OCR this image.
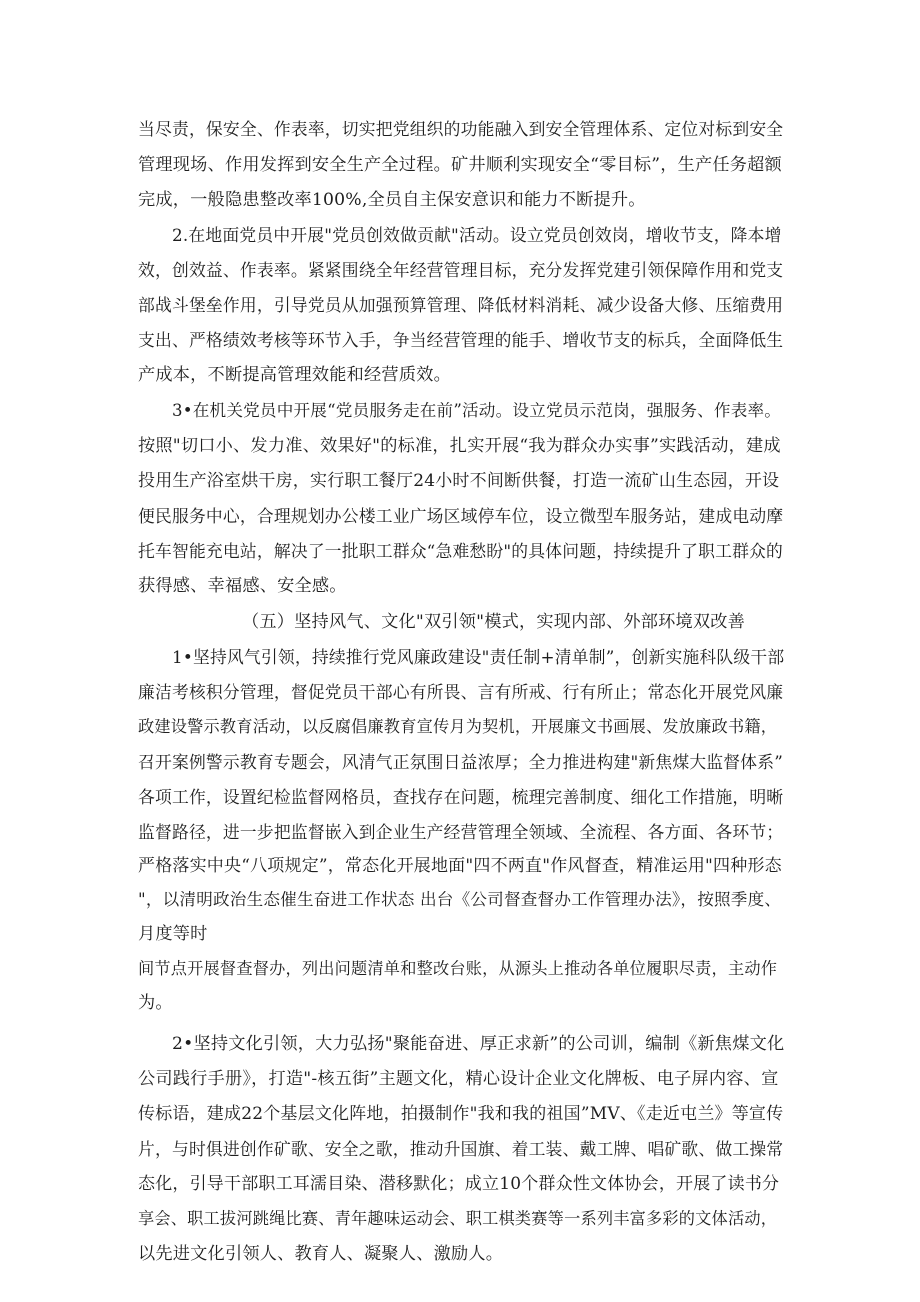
当尽责，保安全、作表率，切实把党组织的功能融入到安全管理体系、定位对标到安全
管理现场、作用发挥到安全生产全过程。矿井顺利实现安全“零目标”，生产任务超额
完成，一般隐患整改率100%,全员自主保安意识和能力不断提升。
2.在地面党员中开展"党员创效做贡献"活动。设立党员创效岗，增收节支，降本增
效，创效益、作表率。紧紧围绕全年经营管理目标，充分发挥党建引领保障作用和党支
部战斗堡垒作用，引导党员从加强预算管理、降低材料消耗、减少设备大修、压缩费用
支出、严格绩效考核等环节入手，争当经营管理的能手、增收节支的标兵，全面降低生
产成本，不断提高管理效能和经营质效。
3•在机关党员中开展“党员服务走在前”活动。设立党员示范岗，强服务、作表率。
按照"切口小、发力准、效果好"的标准，扎实开展“我为群众办实事”实践活动，建成
投用生产浴室烘干房，实行职工餐厅24小时不间断供餐，打造一流矿山生态园，开设
便民服务中心，合理规划办公楼工业广场区域停车位，设立微型车服务站，建成电动摩
托车智能充电站，解决了一批职工群众“急难愁盼"的具体问题，持续提升了职工群众的
获得感、幸福感、安全感。
（五）坚持风气、文化"双引领"模式，实现内部、外部环境双改善
1•坚持风气引领，持续推行党风廉政建设"责任制+清单制”，创新实施科队级干部
廉洁考核积分管理，督促党员干部心有所畏、言有所戒、行有所止；常态化开展党风廉
政建设警示教育活动，以反腐倡廉教育宣传月为契机，开展廉文书画展、发放廉政书籍，
召开案例警示教育专题会，风清气正氛围日益浓厚；全力推进构建"新焦煤大监督体系”
各项工作，设置纪检监督网格员，查找存在问题，梳理完善制度、细化工作措施，明晰
监督路径，进一步把监督嵌入到企业生产经营管理全领域、全流程、各方面、各环节；
严格落实中央“八项规定”，常态化开展地面"四不两直"作风督查，精准运用"四种形态
"，以清明政治生态催生奋进工作状态 出台《公司督查督办工作管理办法》，按照季度、
月度等时
间节点开展督查督办，列出问题清单和整改台账，从源头上推动各单位履职尽责，主动作
为。
2•坚持文化引领，大力弘扬"聚能奋进、厚正求新”的公司训，编制《新焦煤文化
公司践行手册》，打造"-核五街”主题文化，精心设计企业文化牌板、电子屏内容、宣
传标语，建成22个基层文化阵地，拍摄制作"我和我的祖国”MV、《走近屯兰》等宣传
片，与时俱进创作矿歌、安全之歌，推动升国旗、着工装、戴工牌、唱矿歌、做工操常
态化，引导干部职工耳濡目染、潜移默化；成立10个群众性文体协会，开展了读书分
享会、职工拔河跳绳比赛、青年趣味运动会、职工棋类赛等一系列丰富多彩的文体活动，
以先进文化引领人、教育人、凝聚人、激励人。
